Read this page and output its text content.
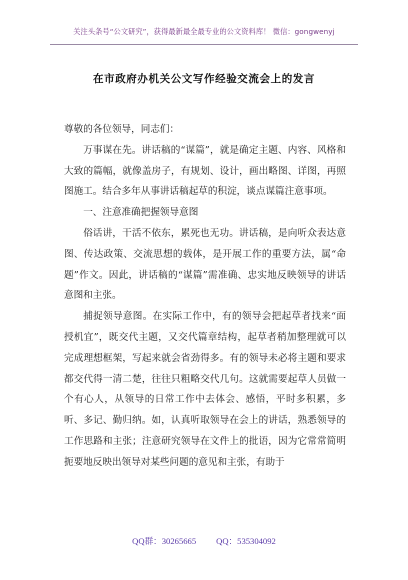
关注头条号“公文研究”，获得最新最全最专业的公文资料库！ 微信：gongwenyj
在市政府办机关公文写作经验交流会上的发言

尊敬的各位领导，同志们：

万事谋在先。讲话稿的“谋篇”，就是确定主题、内容、风格和大致的篇幅，就像盖房子，有规划、设计，画出略图、详图，再照图施工。结合多年从事讲话稿起草的积淀，谈点谋篇注意事项。

一、注意准确把握领导意图

俗话讲，干活不依东，累死也无功。讲话稿，是向听众表达意图、传达政策、交流思想的载体，是开展工作的重要方法，属“命题”作文。因此，讲话稿的“谋篇”需准确、忠实地反映领导的讲话意图和主张。

捕捉领导意图。在实际工作中，有的领导会把起草者找来“面授机宜”，既交代主题，又交代篇章结构，起草者稍加整理就可以完成理想框架，写起来就会省劲得多。有的领导未必将主题和要求都交代得一清二楚，往往只粗略交代几句。这就需要起草人员做一个有心人，从领导的日常工作中去体会、感悟，平时多积累，多听、多记、勤归纳。如，认真听取领导在会上的讲话，熟悉领导的工作思路和主张；注意研究领导在文件上的批语，因为它常常简明扼要地反映出领导对某些问题的意见和主张，有助于

QQ群：30265665 QQ：535304092
